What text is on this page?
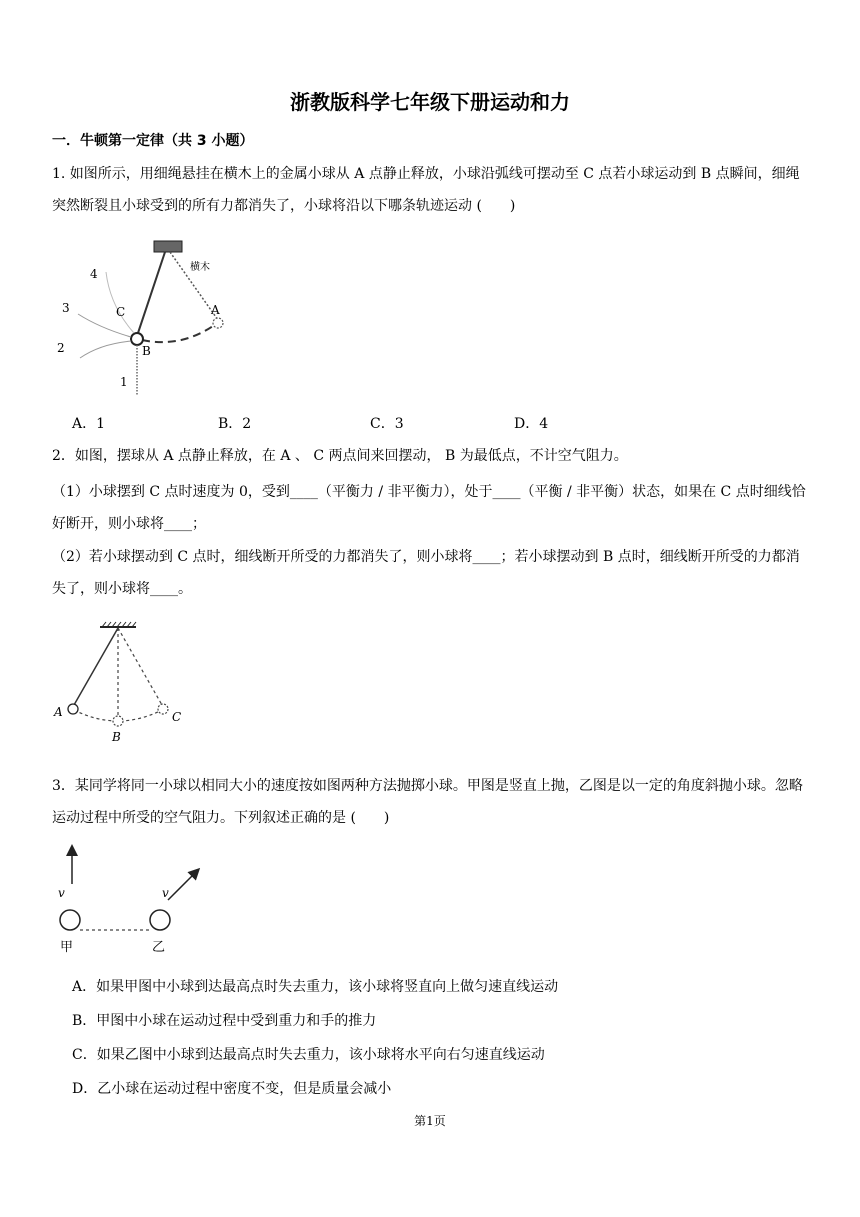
浙教版科学七年级下册运动和力
一．牛顿第一定律（共 3 小题）
1. 如图所示，用细绳悬挂在横木上的金属小球从 A 点静止释放，小球沿弧线可摆动至 C 点若小球运动到 B 点瞬间，细绳突然断裂且小球受到的所有力都消失了，小球将沿以下哪条轨迹运动 (　　)
横木
4
3
2
1
C
B
A
A．1	B．2	C．3	D．4
2．如图，摆球从 A 点静止释放，在 A 、 C 两点间来回摆动， B 为最低点，不计空气阻力。
（1）小球摆到 C 点时速度为 0，受到____（平衡力 / 非平衡力），处于____（平衡 / 非平衡）状态，如果在 C 点时细线恰好断开，则小球将____；
（2）若小球摆动到 C 点时，细线断开所受的力都消失了，则小球将____；若小球摆动到 B 点时，细线断开所受的力都消失了，则小球将____。
A
B
C
3．某同学将同一小球以相同大小的速度按如图两种方法抛掷小球。甲图是竖直上抛，乙图是以一定的角度斜抛小球。忽略运动过程中所受的空气阻力。下列叙述正确的是 (　　)
v	v
甲	乙
A．如果甲图中小球到达最高点时失去重力，该小球将竖直向上做匀速直线运动
B．甲图中小球在运动过程中受到重力和手的推力
C．如果乙图中小球到达最高点时失去重力，该小球将水平向右匀速直线运动
D．乙小球在运动过程中密度不变，但是质量会减小
第1页
